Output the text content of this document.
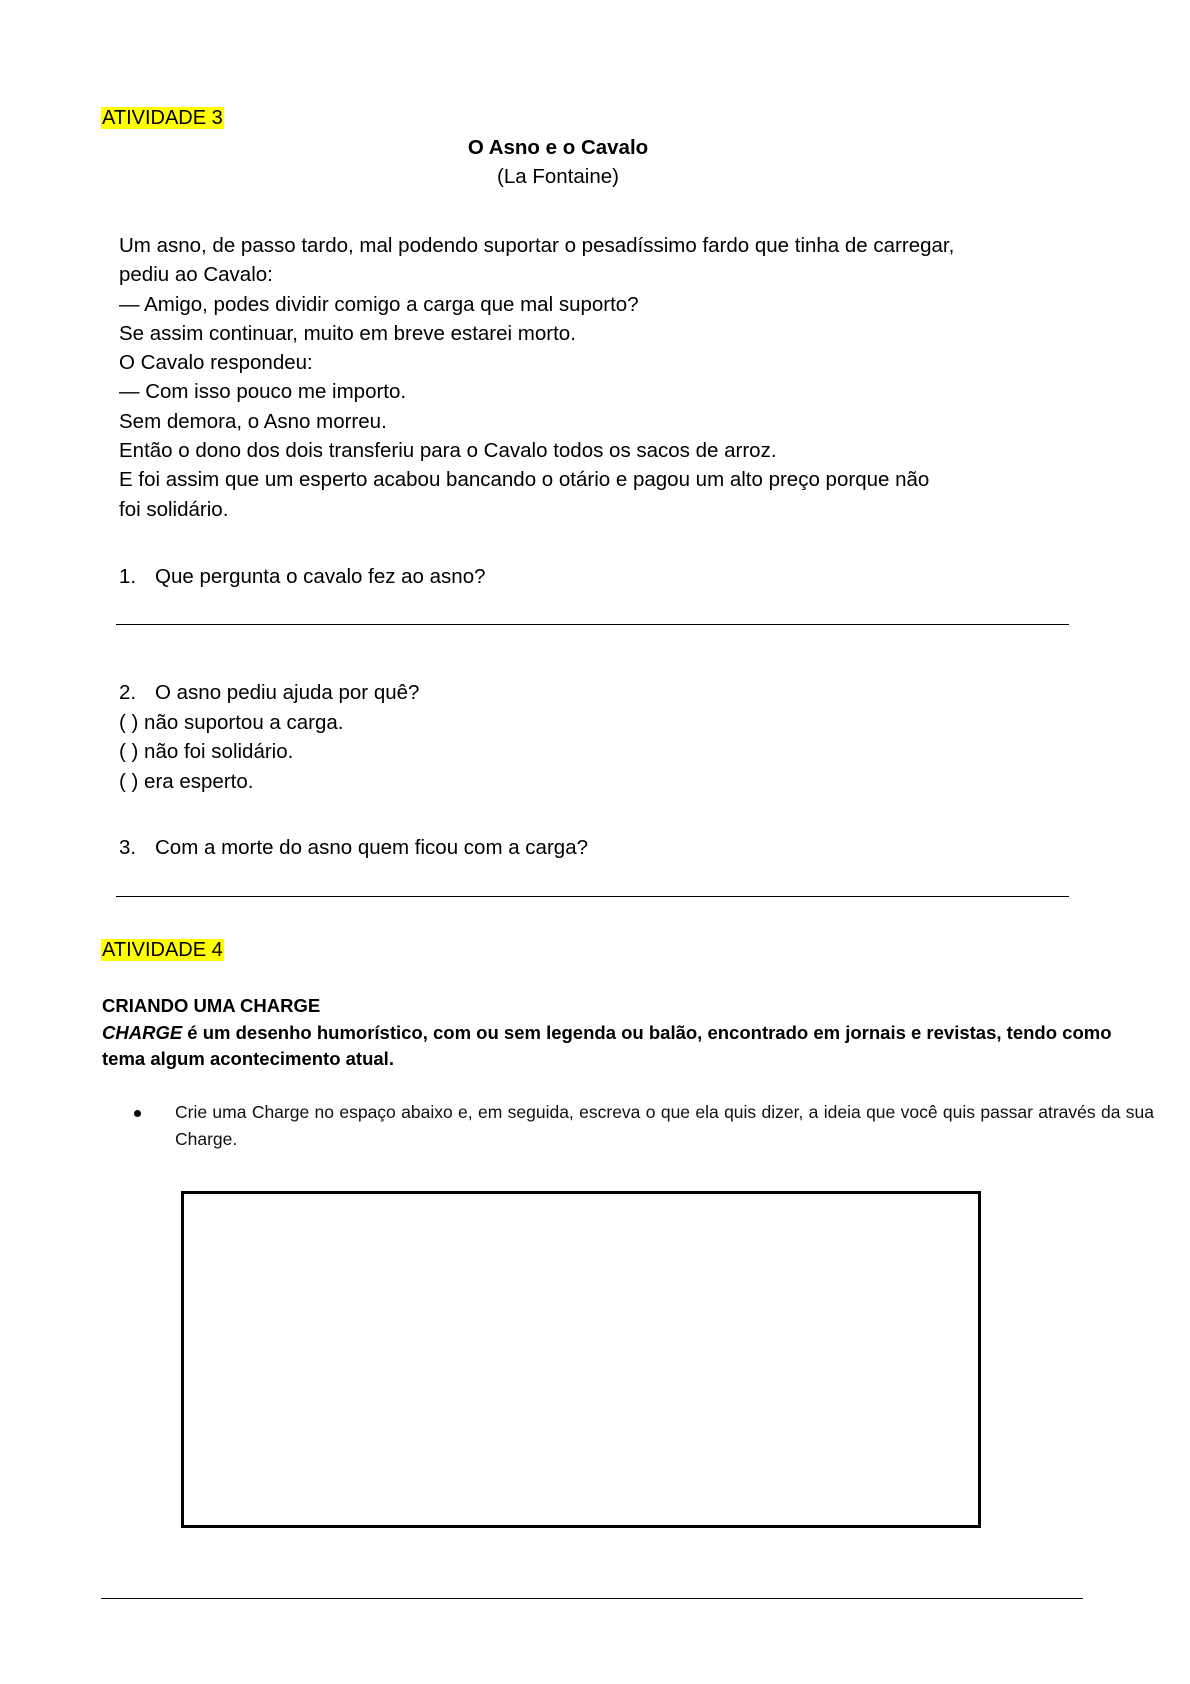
ATIVIDADE 3
O Asno e o Cavalo
(La Fontaine)
Um asno, de passo tardo, mal podendo suportar o pesadíssimo fardo que tinha de carregar,
pediu ao Cavalo:
— Amigo, podes dividir comigo a carga que mal suporto?
Se assim continuar, muito em breve estarei morto.
O Cavalo respondeu:
— Com isso pouco me importo.
Sem demora, o Asno morreu.
Então o dono dos dois transferiu para o Cavalo todos os sacos de arroz.
E foi assim que um esperto acabou bancando o otário e pagou um alto preço porque não
foi solidário.
1. Que pergunta o cavalo fez ao asno?
2. O asno pediu ajuda por quê?
( ) não suportou a carga.
( ) não foi solidário.
( ) era esperto.
3. Com a morte do asno quem ficou com a carga?
ATIVIDADE 4
CRIANDO UMA CHARGE
CHARGE é um desenho humorístico, com ou sem legenda ou balão, encontrado em jornais e revistas, tendo como
tema algum acontecimento atual.
Crie uma Charge no espaço abaixo e, em seguida, escreva o que ela quis dizer, a ideia que você quis passar através da sua Charge.
